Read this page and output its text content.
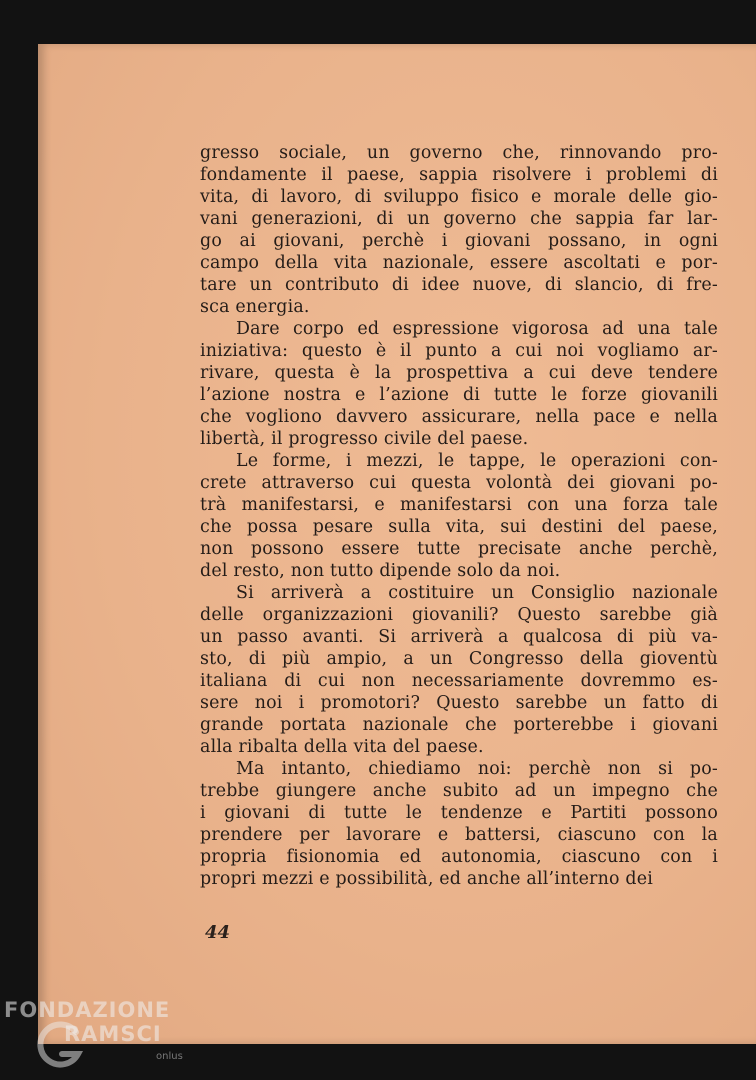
gresso sociale, un governo che, rinnovando pro-
fondamente il paese, sappia risolvere i problemi di
vita, di lavoro, di sviluppo fisico e morale delle gio-
vani generazioni, di un governo che sappia far lar-
go ai giovani, perchè i giovani possano, in ogni
campo della vita nazionale, essere ascoltati e por-
tare un contributo di idee nuove, di slancio, di fre-
sca energia.
Dare corpo ed espressione vigorosa ad una tale
iniziativa: questo è il punto a cui noi vogliamo ar-
rivare, questa è la prospettiva a cui deve tendere
l’azione nostra e l’azione di tutte le forze giovanili
che vogliono davvero assicurare, nella pace e nella
libertà, il progresso civile del paese.
Le forme, i mezzi, le tappe, le operazioni con-
crete attraverso cui questa volontà dei giovani po-
trà manifestarsi, e manifestarsi con una forza tale
che possa pesare sulla vita, sui destini del paese,
non possono essere tutte precisate anche perchè,
del resto, non tutto dipende solo da noi.
Si arriverà a costituire un Consiglio nazionale
delle organizzazioni giovanili? Questo sarebbe già
un passo avanti. Si arriverà a qualcosa di più va-
sto, di più ampio, a un Congresso della gioventù
italiana di cui non necessariamente dovremmo es-
sere noi i promotori? Questo sarebbe un fatto di
grande portata nazionale che porterebbe i giovani
alla ribalta della vita del paese.
Ma intanto, chiediamo noi: perchè non si po-
trebbe giungere anche subito ad un impegno che
i giovani di tutte le tendenze e Partiti possono
prendere per lavorare e battersi, ciascuno con la
propria fisionomia ed autonomia, ciascuno con i
propri mezzi e possibilità, ed anche all’interno dei
44
FONDAZIONE
G
RAMSCI
onlus
